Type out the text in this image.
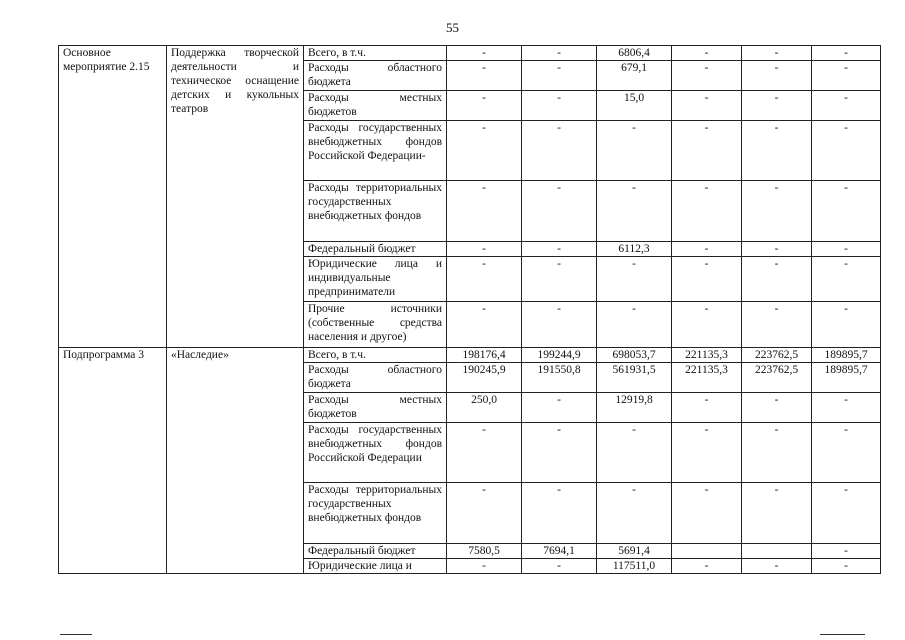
55
Основное мероприятие 2.15	Поддержка творческой деятельности и техническое оснащение детских и кукольных театров	Всего, в т.ч.	-	-	6806,4	-	-	-
		Расходы областного бюджета	-	-	679,1	-	-	-
		Расходы местных бюджетов	-	-	15,0	-	-	-
		Расходы государственных внебюджетных фондов Российской Федерации-	-	-	-	-	-	-
		Расходы территориальных государственных внебюджетных фондов	-	-	-	-	-	-
		Федеральный бюджет	-	-	6112,3	-	-	-
		Юридические лица и индивидуальные предприниматели	-	-	-	-	-	-
		Прочие источники (собственные средства населения и другое)	-	-	-	-	-	-
Подпрограмма 3	«Наследие»	Всего, в т.ч.	198176,4	199244,9	698053,7	221135,3	223762,5	189895,7
		Расходы областного бюджета	190245,9	191550,8	561931,5	221135,3	223762,5	189895,7
		Расходы местных бюджетов	250,0	-	12919,8	-	-	-
		Расходы государственных внебюджетных фондов Российской Федерации	-	-	-	-	-	-
		Расходы территориальных государственных внебюджетных фондов	-	-	-	-	-	-
		Федеральный бюджет	7580,5	7694,1	5691,4			-
		Юридические лица и	-	-	117511,0	-	-	-
